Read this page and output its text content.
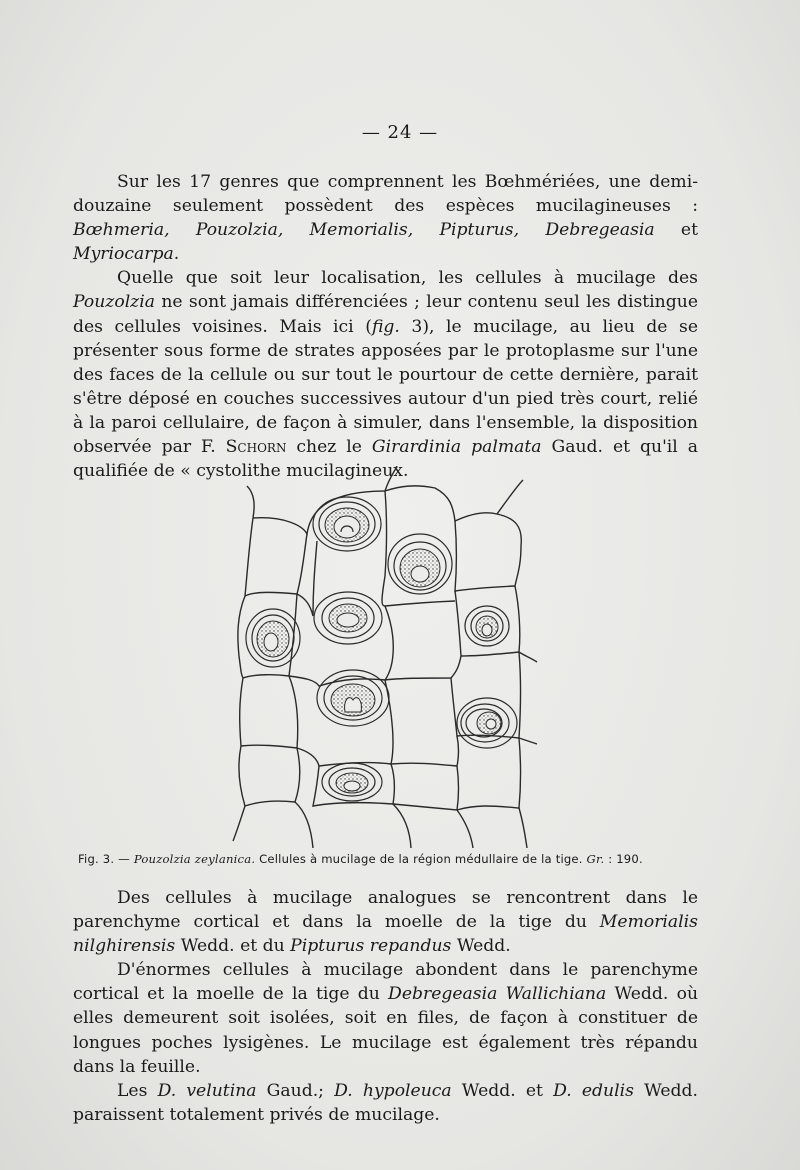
— 24 —

Sur les 17 genres que comprennent les Bœhmériées, une demi-douzaine seulement possèdent des espèces mucilagineuses : Bœhmeria, Pouzolzia, Memorialis, Pipturus, Debregeasia et Myriocarpa.

Quelle que soit leur localisation, les cellules à mucilage des Pouzolzia ne sont jamais différenciées ; leur contenu seul les distingue des cellules voisines. Mais ici (fig. 3), le mucilage, au lieu de se présenter sous forme de strates apposées par le protoplasme sur l'une des faces de la cellule ou sur tout le pourtour de cette dernière, parait s'être déposé en couches successives autour d'un pied très court, relié à la paroi cellulaire, de façon à simuler, dans l'ensemble, la disposition observée par F. Schorn chez le Girardinia palmata Gaud. et qu'il a qualifiée de « cystolithe mucilagineux.

Fig. 3. — Pouzolzia zeylanica. Cellules à mucilage de la région médullaire de la tige. Gr. : 190.

Des cellules à mucilage analogues se rencontrent dans le parenchyme cortical et dans la moelle de la tige du Memorialis nilghirensis Wedd. et du Pipturus repandus Wedd.

D'énormes cellules à mucilage abondent dans le parenchyme cortical et la moelle de la tige du Debregeasia Wallichiana Wedd. où elles demeurent soit isolées, soit en files, de façon à constituer de longues poches lysigènes. Le mucilage est également très répandu dans la feuille.

Les D. velutina Gaud.; D. hypoleuca Wedd. et D. edulis Wedd. paraissent totalement privés de mucilage.
